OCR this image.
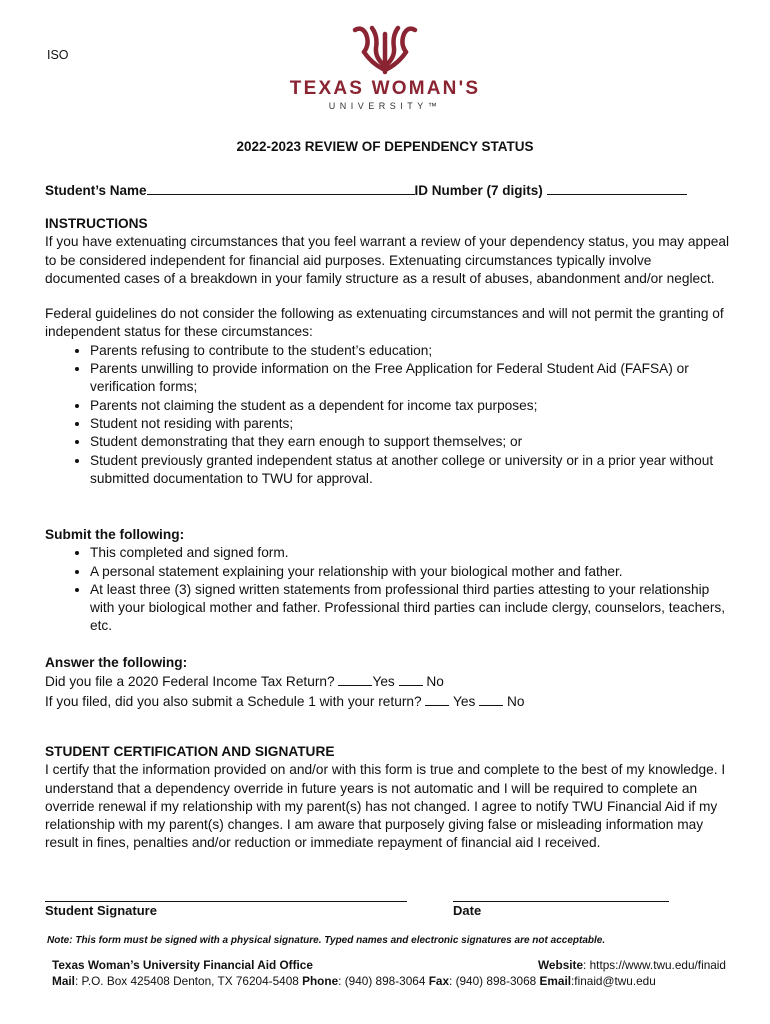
ISO
TEXAS WOMAN'S
UNIVERSITY™
2022-2023 REVIEW OF DEPENDENCY STATUS
Student’s Name	ID Number (7 digits)
INSTRUCTIONS

If you have extenuating circumstances that you feel warrant a review of your dependency status, you may appeal to be considered independent for financial aid purposes. Extenuating circumstances typically involve documented cases of a breakdown in your family structure as a result of abuses, abandonment and/or neglect.

Federal guidelines do not consider the following as extenuating circumstances and will not permit the granting of independent status for these circumstances:

• Parents refusing to contribute to the student’s education;
• Parents unwilling to provide information on the Free Application for Federal Student Aid (FAFSA) or verification forms;
• Parents not claiming the student as a dependent for income tax purposes;
• Student not residing with parents;
• Student demonstrating that they earn enough to support themselves; or
• Student previously granted independent status at another college or university or in a prior year without submitted documentation to TWU for approval.
Submit the following:
• This completed and signed form.
• A personal statement explaining your relationship with your biological mother and father.
• At least three (3) signed written statements from professional third parties attesting to your relationship with your biological mother and father. Professional third parties can include clergy, counselors, teachers, etc.
Answer the following:
Did you file a 2020 Federal Income Tax Return?	Yes No
If you filed, did you also submit a Schedule 1 with your return? Yes No
STUDENT CERTIFICATION AND SIGNATURE

I certify that the information provided on and/or with this form is true and complete to the best of my knowledge. I understand that a dependency override in future years is not automatic and I will be required to complete an override renewal if my relationship with my parent(s) has not changed. I agree to notify TWU Financial Aid if my relationship with my parent(s) changes. I am aware that purposely giving false or misleading information may result in fines, penalties and/or reduction or immediate repayment of financial aid I received.

Student Signature	Date
Note: This form must be signed with a physical signature. Typed names and electronic signatures are not acceptable.
Texas Woman’s University Financial Aid Office	Website: https://www.twu.edu/finaid
Mail: P.O. Box 425408 Denton, TX 76204-5408 Phone: (940) 898-3064 Fax: (940) 898-3068 Email:finaid@twu.edu
